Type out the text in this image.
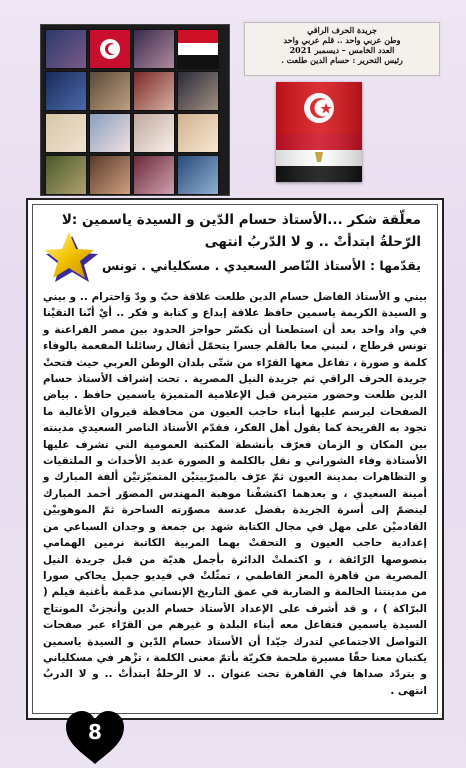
جريدة الحرف الراقي
وطن عربي واحد .. قلم عربي واحد
العدد الخامس – ديسمبر 2021
رئيس التحرير : حسام الدين طلعت .
معلّقة شكر ...الأستاذ حسام الدّين و السيدة ياسمين :لا الرّحلةُ ابتدأتْ .. و لا الدّربُ انتهى
يقدّمها : الأستاذ النّاصر السعيدي . مسكلياني . تونس
بيني و الأستاذ الفاضل حسام الدين طلعت علاقة حبّ و ودّ وَاحترام .. و بيني و السيدة الكريمة ياسمين حافظ علاقة إبداع و كتابة و فكر .. أيْ أنّنا التقيْنا في واد واحد بعد أن استطعنا أن نكسّر حواجز الحدود بين مصر الفراعنة و تونس قرطاج ، لنبني معا بالقلم جسرا يتحمّل أثقال رسائلنا المفعمة بالوفاء كلمة و صورة ، تفاعل معها القرّاء من شتّى بلدان الوطن العربي حيث فتحتْ جريدة الحرف الراقي ثم جريدة النيل المصرية . تحت إشراف الأستاذ حسام الدين طلعت وحضور متيرمن قبل الإعلامية المتميزة ياسمين حافظ . بياض الصفحات ليرسم عليها أبناء حاجب العيون من محافظة قيروان الأغالبة ما تجود به القريحة كما يقول أهل الفكر، فقدّم الأستاذ الناصر السعيدي مدينته بين المكان و الزمان فعرّف بأنشطة المكتبة العمومية التي تشرف عليها الأستاذة وفاء الشوراني و نقل بالكلمة و الصورة عديد الأحداث و الملتقيات و التظاهرات بمدينة العيون ثمّ عرّف بالمبرّبيتيْن المتميّزتيْن ألفة المبارك و أمينة السعيدي ، و بعدهما اكتشفْنا موهبة المهندس المصوّر أحمد المبارك لينضمّ إلى أسرة الجريدة بفضل عدسة مصوّرته الساحرة ثمّ الموهوبيْن القادميْن على مهل في مجال الكتابة شهد بن جمعة و وجدان السباعي من إعدادية حاجب العيون و التحقتْ بهما المربية الكاتبة نرمين الهمامي بنصوصها الرّائقة ، و اكتملتْ الدائرة بأجمل هديّة من قبل جريدة النيل المصرية من قاهرة المعز الفاطمي ، تمثّلتْ في فيديو جميل يحاكي صورا من مدينتنا الحالمة و الضاربة في عمق التاريخ الإنساني مدعّمة بأغنية فيلم ( البرّاكة ) ، و قد أشرف على الإعداد الأستاذ حسام الدين وأنجزتْ المونتاج السيدة ياسمين فتفاعل معه أبناء البلدة و غيرهم من القرّاء عبر صفحات التواصل الاجتماعي لتدرك جيّدا أن الأستاذ حسام الدّين و السيدة ياسمين يكتبان معنا حقّا مسيرة ملحمة فكريّة بأتمّ معنى الكلمة ، تزْهر في مسكلياني و يتردّد صداها في القاهرة تحت عنوان .. لا الرحلةُ ابتدأتْ .. و لا الدربُ انتهى .
8
